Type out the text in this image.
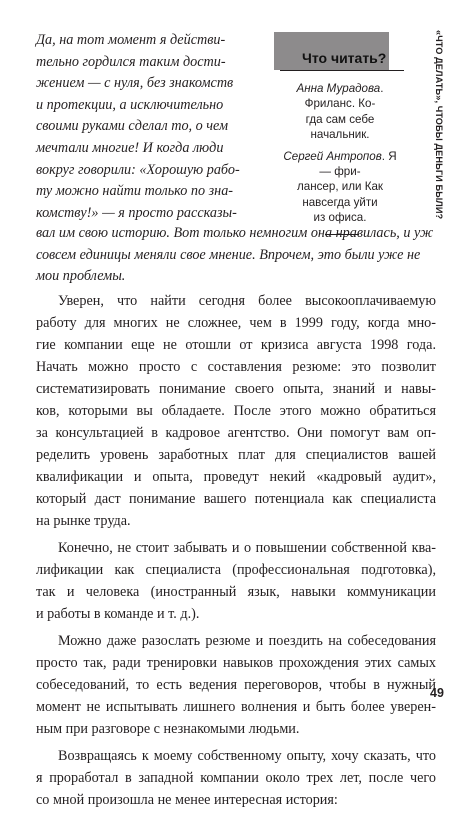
«ЧТО ДЕЛАТЬ», ЧТОБЫ ДЕНЬГИ БЫЛИ?
Да, на тот момент я действи-
тельно гордился таким дости-
жением — с нуля, без знакомств
и протекции, а исключительно
своими руками сделал то, о чем
мечтали многие! И когда люди
вокруг говорили: «Хорошую рабо-
ту можно найти только по зна-
комству!» — я просто рассказы-
Что читать?
Анна Мурадова. Фриланс. Ко-
гда сам себе начальник.
Сергей Антропов. Я — фри-
лансер, или Как навсегда уйти
из офиса.
вал им свою историю. Вот только немногим она нравилась, и уж
совсем единицы меняли свое мнение. Впрочем, это были уже не
мои проблемы.
Уверен, что найти сегодня более высокооплачиваемую
работу для многих не сложнее, чем в 1999 году, когда мно-
гие компании еще не отошли от кризиса августа 1998 года.
Начать можно просто с составления резюме: это позволит
систематизировать понимание своего опыта, знаний и навы-
ков, которыми вы обладаете. После этого можно обратиться
за консультацией в кадровое агентство. Они помогут вам оп-
ределить уровень заработных плат для специалистов вашей
квалификации и опыта, проведут некий «кадровый аудит»,
который даст понимание вашего потенциала как специалиста
на рынке труда.
Конечно, не стоит забывать и о повышении собственной ква-
лификации как специалиста (профессиональная подготовка),
так и человека (иностранный язык, навыки коммуникации
и работы в команде и т. д.).
Можно даже разослать резюме и поездить на собеседования
просто так, ради тренировки навыков прохождения этих самых
собеседований, то есть ведения переговоров, чтобы в нужный
момент не испытывать лишнего волнения и быть более уверен-
ным при разговоре с незнакомыми людьми.
Возвращаясь к моему собственному опыту, хочу сказать, что
я проработал в западной компании около трех лет, после чего
со мной произошла не менее интересная история:
49
